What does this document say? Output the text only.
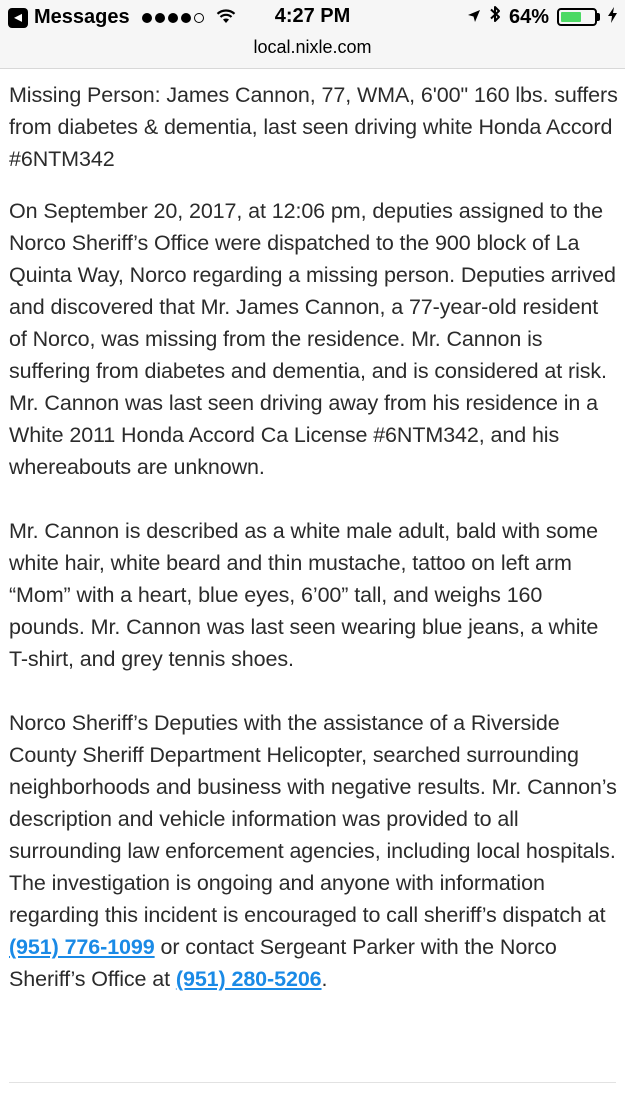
◂ Messages	4:27 PM	64%
local.nixle.com

Missing Person: James Cannon, 77, WMA, 6'00" 160 lbs. suffers from diabetes & dementia, last seen driving white Honda Accord #6NTM342

On September 20, 2017, at 12:06 pm, deputies assigned to the Norco Sheriff’s Office were dispatched to the 900 block of La Quinta Way, Norco regarding a missing person. Deputies arrived and discovered that Mr. James Cannon, a 77-year-old resident of Norco, was missing from the residence. Mr. Cannon is suffering from diabetes and dementia, and is considered at risk. Mr. Cannon was last seen driving away from his residence in a White 2011 Honda Accord Ca License #6NTM342, and his whereabouts are unknown.

Mr. Cannon is described as a white male adult, bald with some white hair, white beard and thin mustache, tattoo on left arm “Mom” with a heart, blue eyes, 6’00” tall, and weighs 160 pounds. Mr. Cannon was last seen wearing blue jeans, a white T-shirt, and grey tennis shoes.

Norco Sheriff’s Deputies with the assistance of a Riverside County Sheriff Department Helicopter, searched surrounding neighborhoods and business with negative results. Mr. Cannon’s description and vehicle information was provided to all surrounding law enforcement agencies, including local hospitals. The investigation is ongoing and anyone with information regarding this incident is encouraged to call sheriff’s dispatch at (951) 776-1099 or contact Sergeant Parker with the Norco Sheriff’s Office at (951) 280-5206.
